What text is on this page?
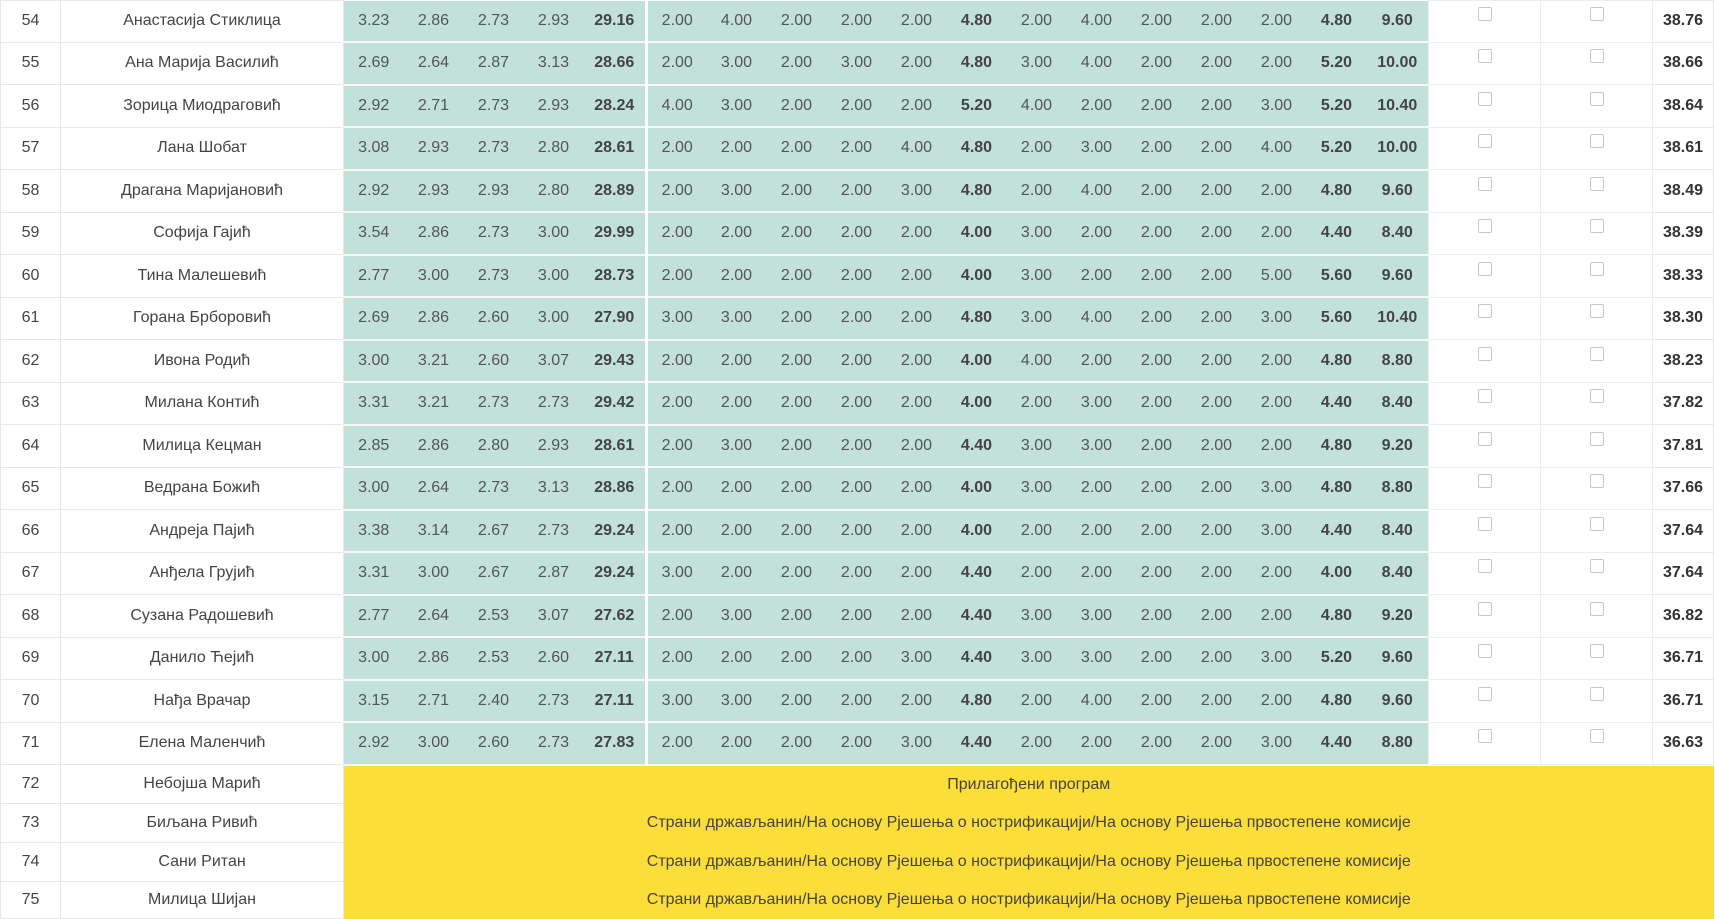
54	Анастасија Стиклица	3.23	2.86	2.73	2.93	29.16	2.00	4.00	2.00	2.00	2.00	4.80	2.00	4.00	2.00	2.00	2.00	4.80	9.60			38.76
55	Ана Марија Василић	2.69	2.64	2.87	3.13	28.66	2.00	3.00	2.00	3.00	2.00	4.80	3.00	4.00	2.00	2.00	2.00	5.20	10.00			38.66
56	Зорица Миодраговић	2.92	2.71	2.73	2.93	28.24	4.00	3.00	2.00	2.00	2.00	5.20	4.00	2.00	2.00	2.00	3.00	5.20	10.40			38.64
57	Лана Шобат	3.08	2.93	2.73	2.80	28.61	2.00	2.00	2.00	2.00	4.00	4.80	2.00	3.00	2.00	2.00	4.00	5.20	10.00			38.61
58	Драгана Маријановић	2.92	2.93	2.93	2.80	28.89	2.00	3.00	2.00	2.00	3.00	4.80	2.00	4.00	2.00	2.00	2.00	4.80	9.60			38.49
59	Софија Гајић	3.54	2.86	2.73	3.00	29.99	2.00	2.00	2.00	2.00	2.00	4.00	3.00	2.00	2.00	2.00	2.00	4.40	8.40			38.39
60	Тина Малешевић	2.77	3.00	2.73	3.00	28.73	2.00	2.00	2.00	2.00	2.00	4.00	3.00	2.00	2.00	2.00	5.00	5.60	9.60			38.33
61	Горана Брборовић	2.69	2.86	2.60	3.00	27.90	3.00	3.00	2.00	2.00	2.00	4.80	3.00	4.00	2.00	2.00	3.00	5.60	10.40			38.30
62	Ивона Родић	3.00	3.21	2.60	3.07	29.43	2.00	2.00	2.00	2.00	2.00	4.00	4.00	2.00	2.00	2.00	2.00	4.80	8.80			38.23
63	Милана Контић	3.31	3.21	2.73	2.73	29.42	2.00	2.00	2.00	2.00	2.00	4.00	2.00	3.00	2.00	2.00	2.00	4.40	8.40			37.82
64	Милица Кецман	2.85	2.86	2.80	2.93	28.61	2.00	3.00	2.00	2.00	2.00	4.40	3.00	3.00	2.00	2.00	2.00	4.80	9.20			37.81
65	Ведрана Божић	3.00	2.64	2.73	3.13	28.86	2.00	2.00	2.00	2.00	2.00	4.00	3.00	2.00	2.00	2.00	3.00	4.80	8.80			37.66
66	Андреја Пајић	3.38	3.14	2.67	2.73	29.24	2.00	2.00	2.00	2.00	2.00	4.00	2.00	2.00	2.00	2.00	3.00	4.40	8.40			37.64
67	Анђела Грујић	3.31	3.00	2.67	2.87	29.24	3.00	2.00	2.00	2.00	2.00	4.40	2.00	2.00	2.00	2.00	2.00	4.00	8.40			37.64
68	Сузана Радошевић	2.77	2.64	2.53	3.07	27.62	2.00	3.00	2.00	2.00	2.00	4.40	3.00	3.00	2.00	2.00	2.00	4.80	9.20			36.82
69	Данило Ћејић	3.00	2.86	2.53	2.60	27.11	2.00	2.00	2.00	2.00	3.00	4.40	3.00	3.00	2.00	2.00	3.00	5.20	9.60			36.71
70	Нађа Врачар	3.15	2.71	2.40	2.73	27.11	3.00	3.00	2.00	2.00	2.00	4.80	2.00	4.00	2.00	2.00	2.00	4.80	9.60			36.71
71	Елена Маленчић	2.92	3.00	2.60	2.73	27.83	2.00	2.00	2.00	2.00	3.00	4.40	2.00	2.00	2.00	2.00	3.00	4.40	8.80			36.63
72	Небојша Марић	Прилагођени програм																				
73	Биљана Ривић	Страни држављанин/На основу Рјешења о нострификацији/На основу Рјешења првостепене комисије																				
74	Сани Ритан	Страни држављанин/На основу Рјешења о нострификацији/На основу Рјешења првостепене комисије																				
75	Милица Шијан	Страни држављанин/На основу Рјешења о нострификацији/На основу Рјешења првостепене комисије																				
